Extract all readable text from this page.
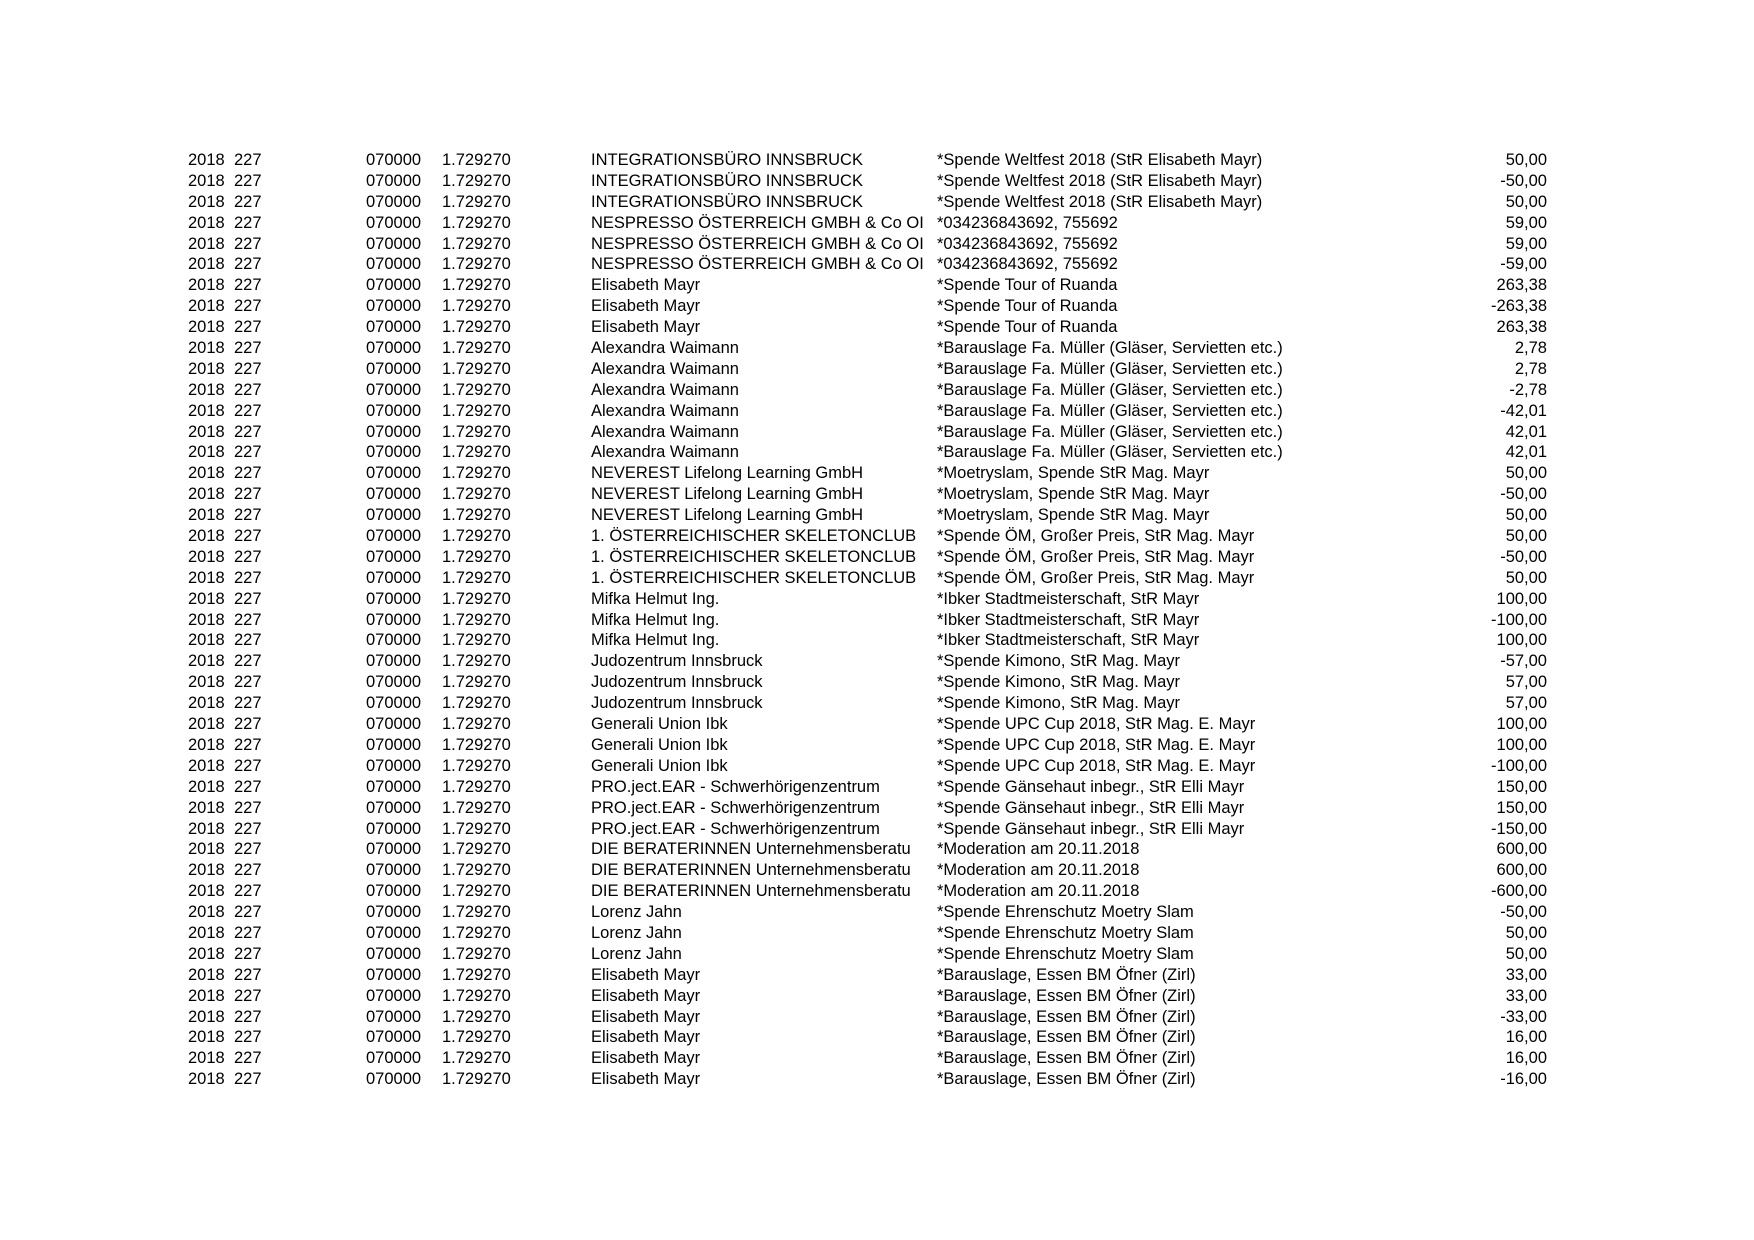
2018 227	070000 1.729270	INTEGRATIONSBÜRO INNSBRUCK	*Spende Weltfest 2018 (StR Elisabeth Mayr)	50,00
2018 227	070000 1.729270	INTEGRATIONSBÜRO INNSBRUCK	*Spende Weltfest 2018 (StR Elisabeth Mayr)	-50,00
2018 227	070000 1.729270	INTEGRATIONSBÜRO INNSBRUCK	*Spende Weltfest 2018 (StR Elisabeth Mayr)	50,00
2018 227	070000 1.729270	NESPRESSO ÖSTERREICH GMBH & Co OI *034236843692, 755692	59,00
2018 227	070000 1.729270	NESPRESSO ÖSTERREICH GMBH & Co OI *034236843692, 755692	59,00
2018 227	070000 1.729270	NESPRESSO ÖSTERREICH GMBH & Co OI *034236843692, 755692	-59,00
2018 227	070000 1.729270	Elisabeth Mayr	*Spende Tour of Ruanda	263,38
2018 227	070000 1.729270	Elisabeth Mayr	*Spende Tour of Ruanda	-263,38
2018 227	070000 1.729270	Elisabeth Mayr	*Spende Tour of Ruanda	263,38
2018 227	070000 1.729270	Alexandra Waimann	*Barauslage Fa. Müller (Gläser, Servietten etc.)	2,78
2018 227	070000 1.729270	Alexandra Waimann	*Barauslage Fa. Müller (Gläser, Servietten etc.)	2,78
2018 227	070000 1.729270	Alexandra Waimann	*Barauslage Fa. Müller (Gläser, Servietten etc.)	-2,78
2018 227	070000 1.729270	Alexandra Waimann	*Barauslage Fa. Müller (Gläser, Servietten etc.)	-42,01
2018 227	070000 1.729270	Alexandra Waimann	*Barauslage Fa. Müller (Gläser, Servietten etc.)	42,01
2018 227	070000 1.729270	Alexandra Waimann	*Barauslage Fa. Müller (Gläser, Servietten etc.)	42,01
2018 227	070000 1.729270	NEVEREST Lifelong Learning GmbH	*Moetryslam, Spende StR Mag. Mayr	50,00
2018 227	070000 1.729270	NEVEREST Lifelong Learning GmbH	*Moetryslam, Spende StR Mag. Mayr	-50,00
2018 227	070000 1.729270	NEVEREST Lifelong Learning GmbH	*Moetryslam, Spende StR Mag. Mayr	50,00
2018 227	070000 1.729270	1. ÖSTERREICHISCHER SKELETONCLUB	*Spende ÖM, Großer Preis, StR Mag. Mayr	50,00
2018 227	070000 1.729270	1. ÖSTERREICHISCHER SKELETONCLUB	*Spende ÖM, Großer Preis, StR Mag. Mayr	-50,00
2018 227	070000 1.729270	1. ÖSTERREICHISCHER SKELETONCLUB	*Spende ÖM, Großer Preis, StR Mag. Mayr	50,00
2018 227	070000 1.729270	Mifka Helmut Ing.	*Ibker Stadtmeisterschaft, StR Mayr	100,00
2018 227	070000 1.729270	Mifka Helmut Ing.	*Ibker Stadtmeisterschaft, StR Mayr	-100,00
2018 227	070000 1.729270	Mifka Helmut Ing.	*Ibker Stadtmeisterschaft, StR Mayr	100,00
2018 227	070000 1.729270	Judozentrum Innsbruck	*Spende Kimono, StR Mag. Mayr	-57,00
2018 227	070000 1.729270	Judozentrum Innsbruck	*Spende Kimono, StR Mag. Mayr	57,00
2018 227	070000 1.729270	Judozentrum Innsbruck	*Spende Kimono, StR Mag. Mayr	57,00
2018 227	070000 1.729270	Generali Union Ibk	*Spende UPC Cup 2018, StR Mag. E. Mayr	100,00
2018 227	070000 1.729270	Generali Union Ibk	*Spende UPC Cup 2018, StR Mag. E. Mayr	100,00
2018 227	070000 1.729270	Generali Union Ibk	*Spende UPC Cup 2018, StR Mag. E. Mayr	-100,00
2018 227	070000 1.729270	PRO.ject.EAR - Schwerhörigenzentrum	*Spende Gänsehaut inbegr., StR Elli Mayr	150,00
2018 227	070000 1.729270	PRO.ject.EAR - Schwerhörigenzentrum	*Spende Gänsehaut inbegr., StR Elli Mayr	150,00
2018 227	070000 1.729270	PRO.ject.EAR - Schwerhörigenzentrum	*Spende Gänsehaut inbegr., StR Elli Mayr	-150,00
2018 227	070000 1.729270	DIE BERATERINNEN Unternehmensberatu	*Moderation am 20.11.2018	600,00
2018 227	070000 1.729270	DIE BERATERINNEN Unternehmensberatu	*Moderation am 20.11.2018	600,00
2018 227	070000 1.729270	DIE BERATERINNEN Unternehmensberatu	*Moderation am 20.11.2018	-600,00
2018 227	070000 1.729270	Lorenz Jahn	*Spende Ehrenschutz Moetry Slam	-50,00
2018 227	070000 1.729270	Lorenz Jahn	*Spende Ehrenschutz Moetry Slam	50,00
2018 227	070000 1.729270	Lorenz Jahn	*Spende Ehrenschutz Moetry Slam	50,00
2018 227	070000 1.729270	Elisabeth Mayr	*Barauslage, Essen BM Öfner (Zirl)	33,00
2018 227	070000 1.729270	Elisabeth Mayr	*Barauslage, Essen BM Öfner (Zirl)	33,00
2018 227	070000 1.729270	Elisabeth Mayr	*Barauslage, Essen BM Öfner (Zirl)	-33,00
2018 227	070000 1.729270	Elisabeth Mayr	*Barauslage, Essen BM Öfner (Zirl)	16,00
2018 227	070000 1.729270	Elisabeth Mayr	*Barauslage, Essen BM Öfner (Zirl)	16,00
2018 227	070000 1.729270	Elisabeth Mayr	*Barauslage, Essen BM Öfner (Zirl)	-16,00
